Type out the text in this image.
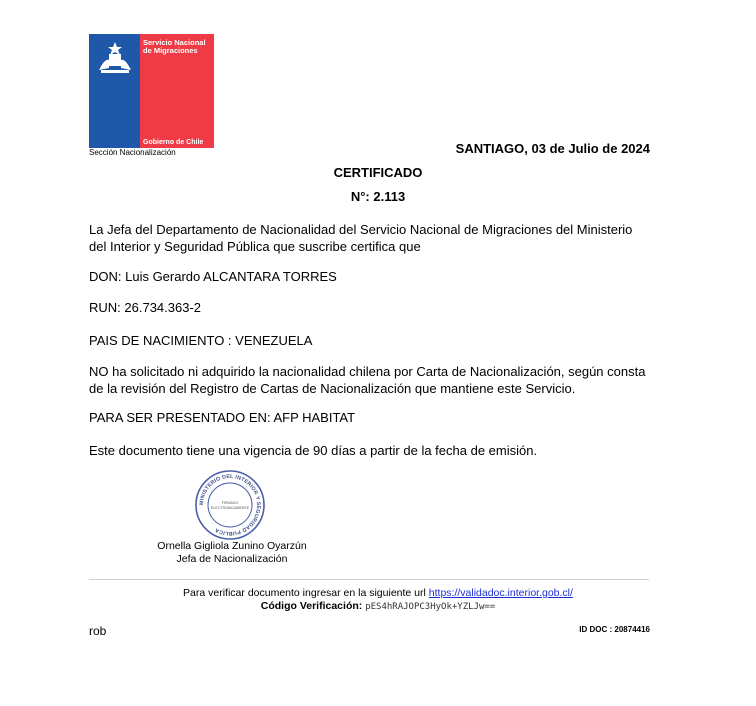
Servicio Nacional
de Migraciones
Gobierno de Chile
Sección Nacionalización	SANTIAGO, 03 de Julio de 2024
CERTIFICADO
N°: 2.113
La Jefa del Departamento de Nacionalidad del Servicio Nacional de Migraciones del Ministerio del Interior y Seguridad Pública que suscribe certifica que
DON: Luis Gerardo ALCANTARA TORRES
RUN: 26.734.363-2
PAIS DE NACIMIENTO : VENEZUELA
NO ha solicitado ni adquirido la nacionalidad chilena por Carta de Nacionalización, según consta de la revisión del Registro de Cartas de Nacionalización que mantiene este Servicio.
PARA SER PRESENTADO EN: AFP HABITAT
Este documento tiene una vigencia de 90 días a partir de la fecha de emisión.
MINISTERIO DEL INTERIOR Y SEGURIDAD PUBLICA
FIRMADO
ELECTRONICAMENTE
Ornella Gigliola Zunino Oyarzún
Jefa de Nacionalización
Para verificar documento ingresar en la siguiente url https://validadoc.interior.gob.cl/
Código Verificación: pES4hRAJOPC3HyOk+YZLJw==
rob	ID DOC : 20874416
